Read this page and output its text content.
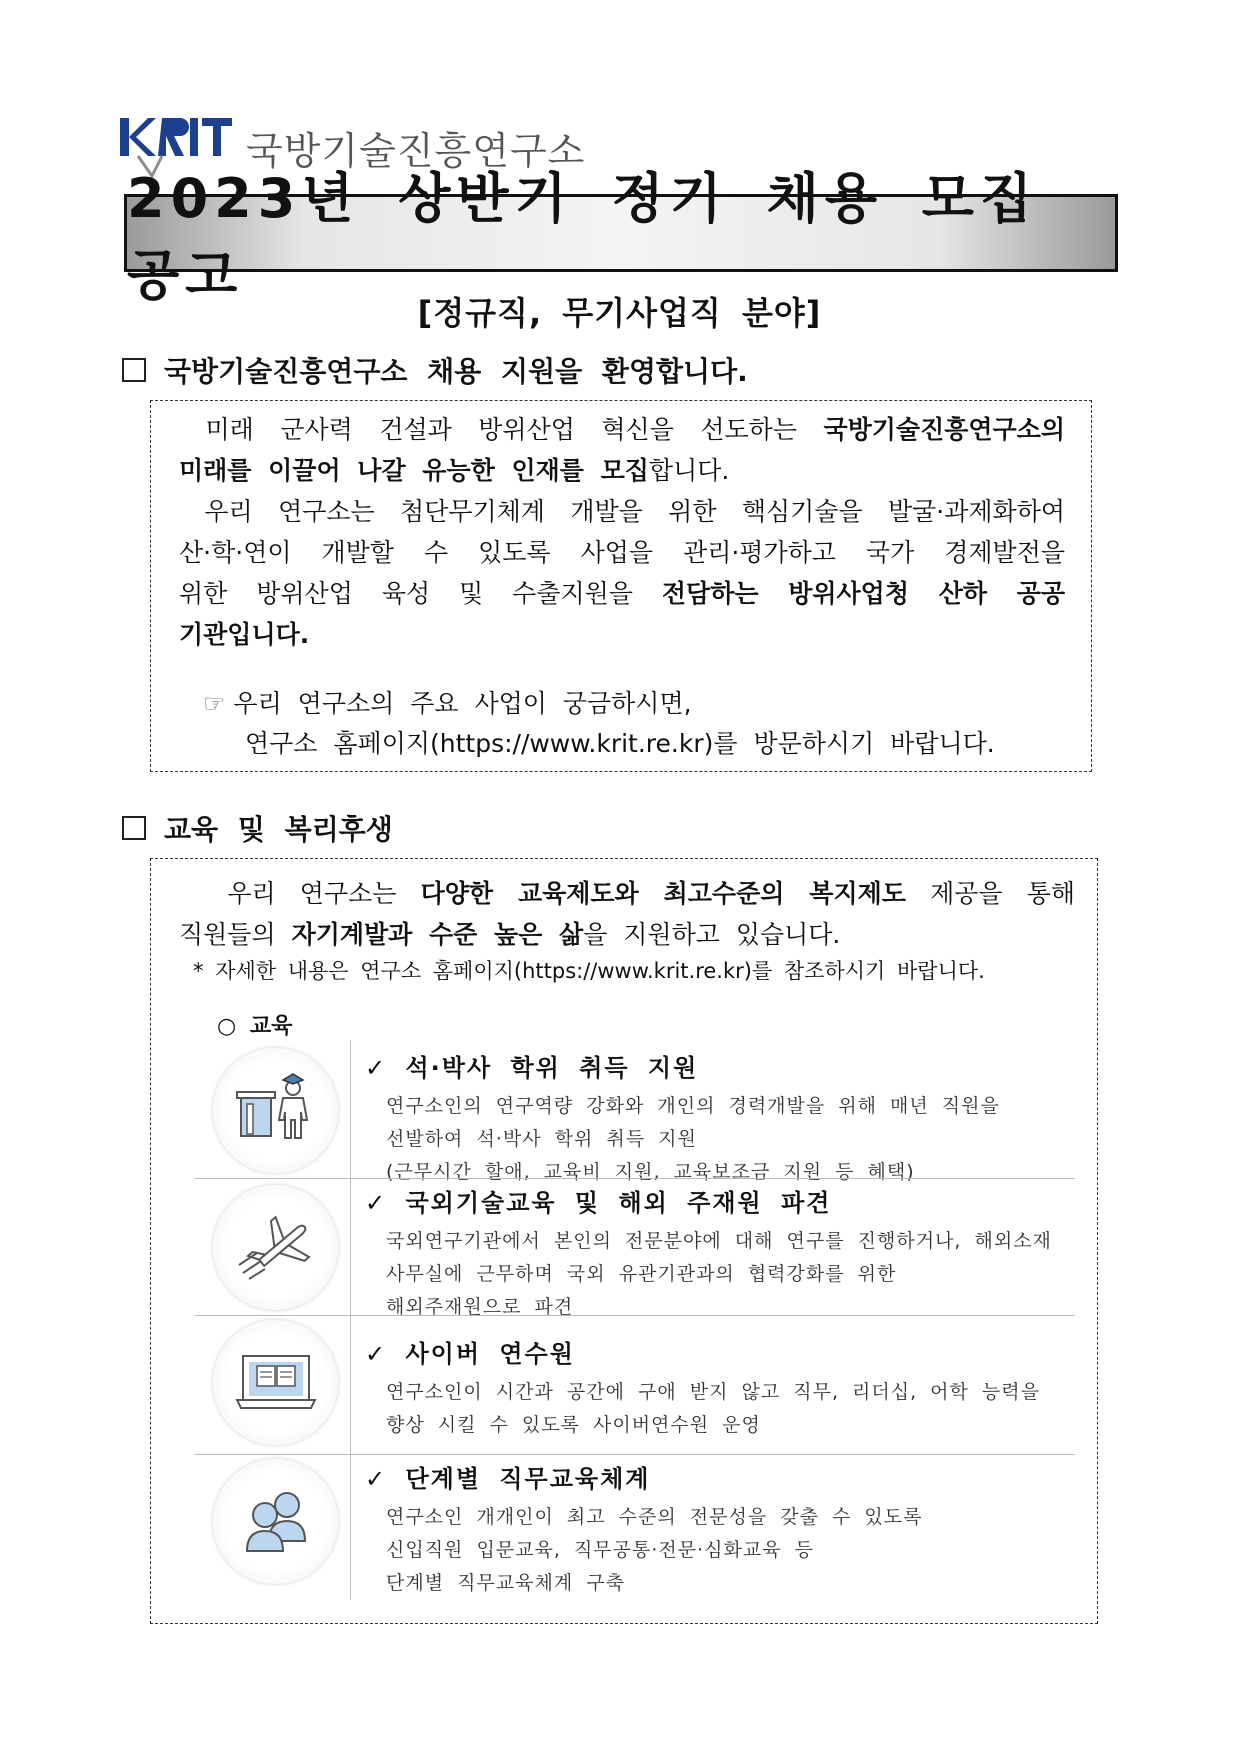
국방기술진흥연구소
2023년 상반기 정기 채용 모집 공고
[정규직, 무기사업직 분야]
국방기술진흥연구소 채용 지원을 환영합니다.
미래 군사력 건설과 방위산업 혁신을 선도하는 국방기술진흥연구소의
미래를 이끌어 나갈 유능한 인재를 모집합니다.
우리 연구소는 첨단무기체계 개발을 위한 핵심기술을 발굴·과제화하여
산·학·연이 개발할 수 있도록 사업을 관리·평가하고 국가 경제발전을
위한 방위산업 육성 및 수출지원을 전담하는 방위사업청 산하 공공
기관입니다.
☞ 우리 연구소의 주요 사업이 궁금하시면,
연구소 홈페이지(https://www.krit.re.kr)를 방문하시기 바랍니다.
교육 및 복리후생
우리 연구소는 다양한 교육제도와 최고수준의 복지제도 제공을 통해
직원들의 자기계발과 수준 높은 삶을 지원하고 있습니다.
* 자세한 내용은 연구소 홈페이지(https://www.krit.re.kr)를 참조하시기 바랍니다.
○ 교육
✓ 석·박사 학위 취득 지원
연구소인의 연구역량 강화와 개인의 경력개발을 위해 매년 직원을
선발하여 석·박사 학위 취득 지원
(근무시간 할애, 교육비 지원, 교육보조금 지원 등 혜택)
✓ 국외기술교육 및 해외 주재원 파견
국외연구기관에서 본인의 전문분야에 대해 연구를 진행하거나, 해외소재
사무실에 근무하며 국외 유관기관과의 협력강화를 위한
해외주재원으로 파견
✓ 사이버 연수원
연구소인이 시간과 공간에 구애 받지 않고 직무, 리더십, 어학 능력을
향상 시킬 수 있도록 사이버연수원 운영
✓ 단계별 직무교육체계
연구소인 개개인이 최고 수준의 전문성을 갖출 수 있도록
신입직원 입문교육, 직무공통·전문·심화교육 등
단계별 직무교육체계 구축
